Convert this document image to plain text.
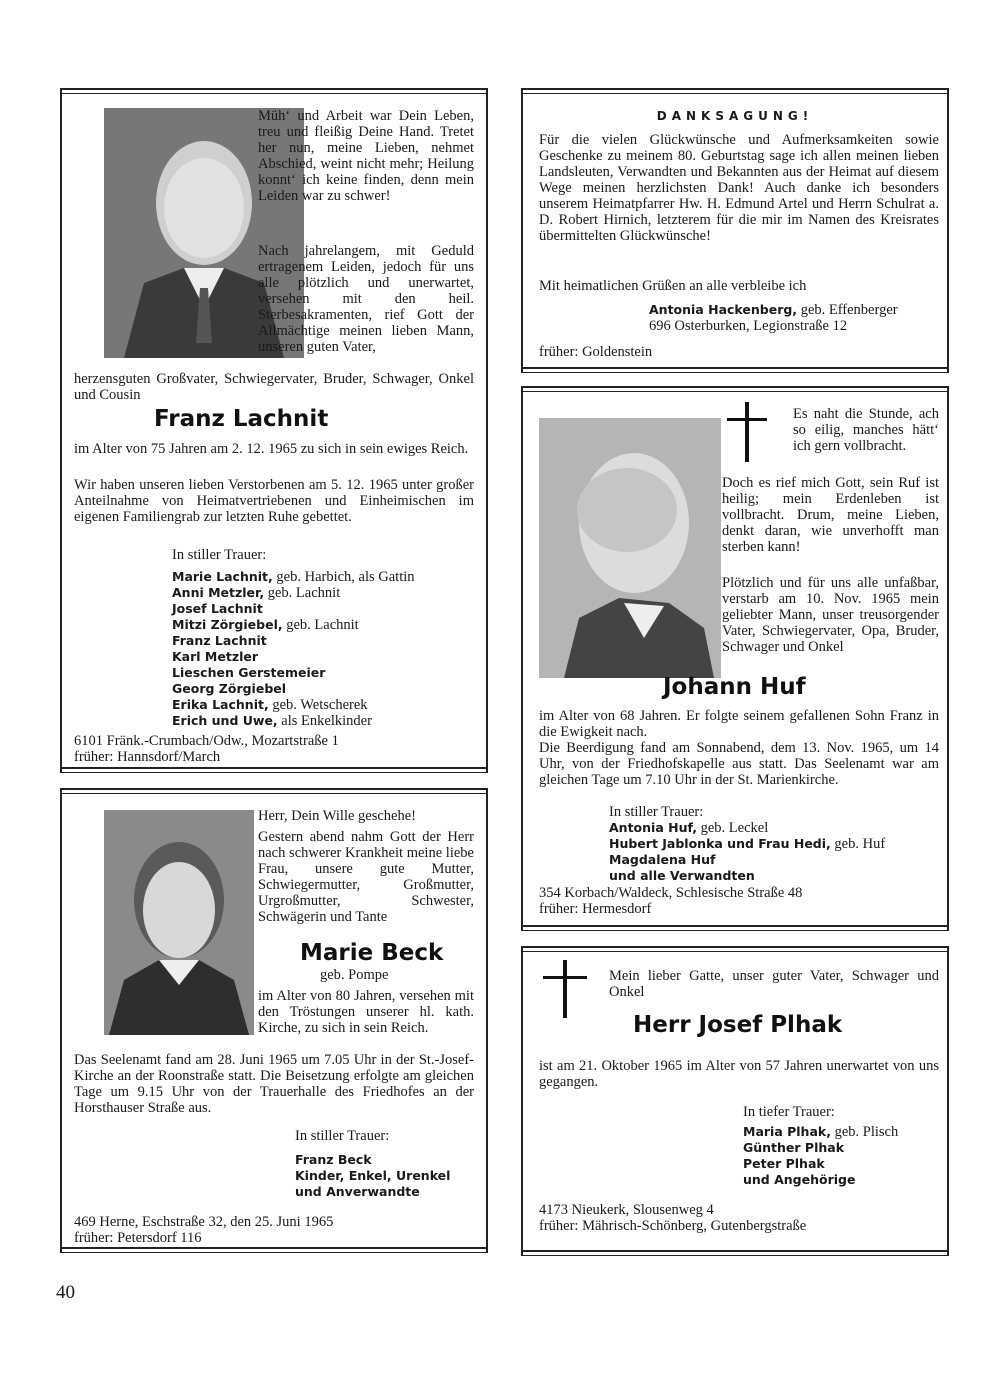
Müh‘ und Arbeit war Dein Leben, treu und fleißig Deine Hand. Tretet her nun, meine Lieben, nehmet Abschied, weint nicht mehr; Heilung konnt‘ ich keine finden, denn mein Leiden war zu schwer!

Nach jahrelangem, mit Geduld ertragenem Leiden, jedoch für uns alle plötzlich und unerwartet, versehen mit den heil. Sterbesakramenten, rief Gott der Allmächtige meinen lieben Mann, unseren guten Vater,

herzensguten Großvater, Schwiegervater, Bruder, Schwager, Onkel und Cousin

Franz Lachnit

im Alter von 75 Jahren am 2. 12. 1965 zu sich in sein ewiges Reich.

Wir haben unseren lieben Verstorbenen am 5. 12. 1965 unter großer Anteilnahme von Heimatvertriebenen und Einheimischen im eigenen Familiengrab zur letzten Ruhe gebettet.

In stiller Trauer:
Marie Lachnit, geb. Harbich, als Gattin
Anni Metzler, geb. Lachnit
Josef Lachnit
Mitzi Zörgiebel, geb. Lachnit
Franz Lachnit
Karl Metzler
Lieschen Gerstemeier
Georg Zörgiebel
Erika Lachnit, geb. Wetscherek
Erich und Uwe, als Enkelkinder
6101 Fränk.-Crumbach/Odw., Mozartstraße 1
früher: Hannsdorf/March

Herr, Dein Wille geschehe!

Gestern abend nahm Gott der Herr nach schwerer Krankheit meine liebe Frau, unsere gute Mutter, Schwiegermutter, Großmutter, Urgroßmutter, Schwester, Schwägerin und Tante

Marie Beck
geb. Pompe

im Alter von 80 Jahren, versehen mit den Tröstungen unserer hl. kath. Kirche, zu sich in sein Reich.

Das Seelenamt fand am 28. Juni 1965 um 7.05 Uhr in der St.-Josef-Kirche an der Roonstraße statt. Die Beisetzung erfolgte am gleichen Tage um 9.15 Uhr von der Trauerhalle des Friedhofes an der Horsthauser Straße aus.

In stiller Trauer:
Franz Beck
Kinder, Enkel, Urenkel
und Anverwandte
469 Herne, Eschstraße 32, den 25. Juni 1965
früher: Petersdorf 116
DANKSAGUNG!

Für die vielen Glückwünsche und Aufmerksamkeiten sowie Geschenke zu meinem 80. Geburtstag sage ich allen meinen lieben Landsleuten, Verwandten und Bekannten aus der Heimat auf diesem Wege meinen herzlichsten Dank! Auch danke ich besonders unserem Heimatpfarrer Hw. H. Edmund Artel und Herrn Schulrat a. D. Robert Hirnich, letzterem für die mir im Namen des Kreisrates übermittelten Glückwünsche!

Mit heimatlichen Grüßen an alle verbleibe ich
Antonia Hackenberg, geb. Effenberger
696 Osterburken, Legionstraße 12
früher: Goldenstein

Es naht die Stunde, ach so eilig, manches hätt‘ ich gern vollbracht.

Doch es rief mich Gott, sein Ruf ist heilig; mein Erdenleben ist vollbracht. Drum, meine Lieben, denkt daran, wie unverhofft man sterben kann!

Plötzlich und für uns alle unfaßbar, verstarb am 10. Nov. 1965 mein geliebter Mann, unser treusorgender Vater, Schwiegervater, Opa, Bruder, Schwager und Onkel

Johann Huf

im Alter von 68 Jahren. Er folgte seinem gefallenen Sohn Franz in die Ewigkeit nach.

Die Beerdigung fand am Sonnabend, dem 13. Nov. 1965, um 14 Uhr, von der Friedhofskapelle aus statt. Das Seelenamt war am gleichen Tage um 7.10 Uhr in der St. Marienkirche.

In stiller Trauer:
Antonia Huf, geb. Leckel
Hubert Jablonka und Frau Hedi, geb. Huf
Magdalena Huf
und alle Verwandten
354 Korbach/Waldeck, Schlesische Straße 48
früher: Hermesdorf

Mein lieber Gatte, unser guter Vater, Schwager und Onkel

Herr Josef Plhak

ist am 21. Oktober 1965 im Alter von 57 Jahren unerwartet von uns gegangen.

In tiefer Trauer:
Maria Plhak, geb. Plisch
Günther Plhak
Peter Plhak
und Angehörige
4173 Nieukerk, Slousenweg 4
früher: Mährisch-Schönberg, Gutenbergstraße
40
